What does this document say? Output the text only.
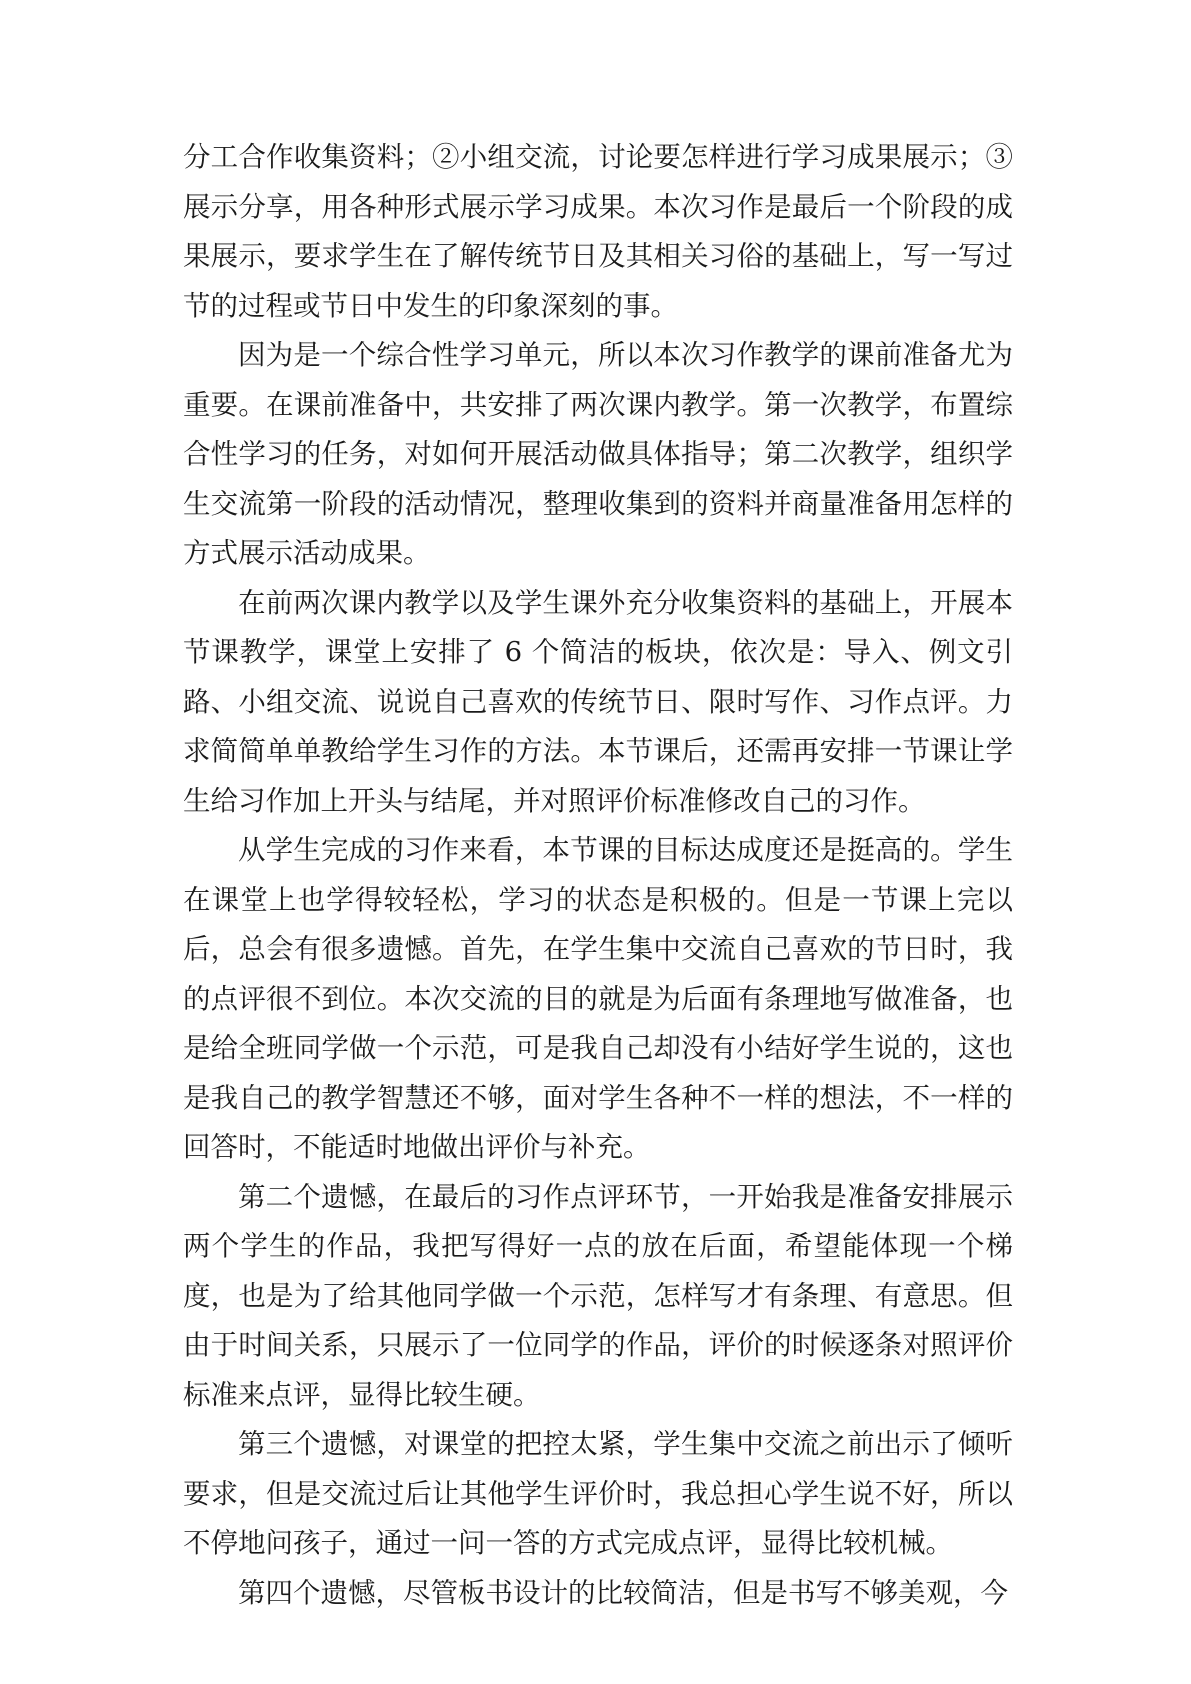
分工合作收集资料；②小组交流，讨论要怎样进行学习成果展示；③展示分享，用各种形式展示学习成果。本次习作是最后一个阶段的成果展示，要求学生在了解传统节日及其相关习俗的基础上，写一写过节的过程或节日中发生的印象深刻的事。

因为是一个综合性学习单元，所以本次习作教学的课前准备尤为重要。在课前准备中，共安排了两次课内教学。第一次教学，布置综合性学习的任务，对如何开展活动做具体指导；第二次教学，组织学生交流第一阶段的活动情况，整理收集到的资料并商量准备用怎样的方式展示活动成果。

在前两次课内教学以及学生课外充分收集资料的基础上，开展本节课教学，课堂上安排了 6 个简洁的板块，依次是：导入、例文引路、小组交流、说说自己喜欢的传统节日、限时写作、习作点评。力求简简单单教给学生习作的方法。本节课后，还需再安排一节课让学生给习作加上开头与结尾，并对照评价标准修改自己的习作。

从学生完成的习作来看，本节课的目标达成度还是挺高的。学生在课堂上也学得较轻松，学习的状态是积极的。但是一节课上完以后，总会有很多遗憾。首先，在学生集中交流自己喜欢的节日时，我的点评很不到位。本次交流的目的就是为后面有条理地写做准备，也是给全班同学做一个示范，可是我自己却没有小结好学生说的，这也是我自己的教学智慧还不够，面对学生各种不一样的想法，不一样的回答时，不能适时地做出评价与补充。

第二个遗憾，在最后的习作点评环节，一开始我是准备安排展示两个学生的作品，我把写得好一点的放在后面，希望能体现一个梯度，也是为了给其他同学做一个示范，怎样写才有条理、有意思。但由于时间关系，只展示了一位同学的作品，评价的时候逐条对照评价标准来点评，显得比较生硬。

第三个遗憾，对课堂的把控太紧，学生集中交流之前出示了倾听要求，但是交流过后让其他学生评价时，我总担心学生说不好，所以不停地问孩子，通过一问一答的方式完成点评，显得比较机械。

第四个遗憾，尽管板书设计的比较简洁，但是书写不够美观，今
